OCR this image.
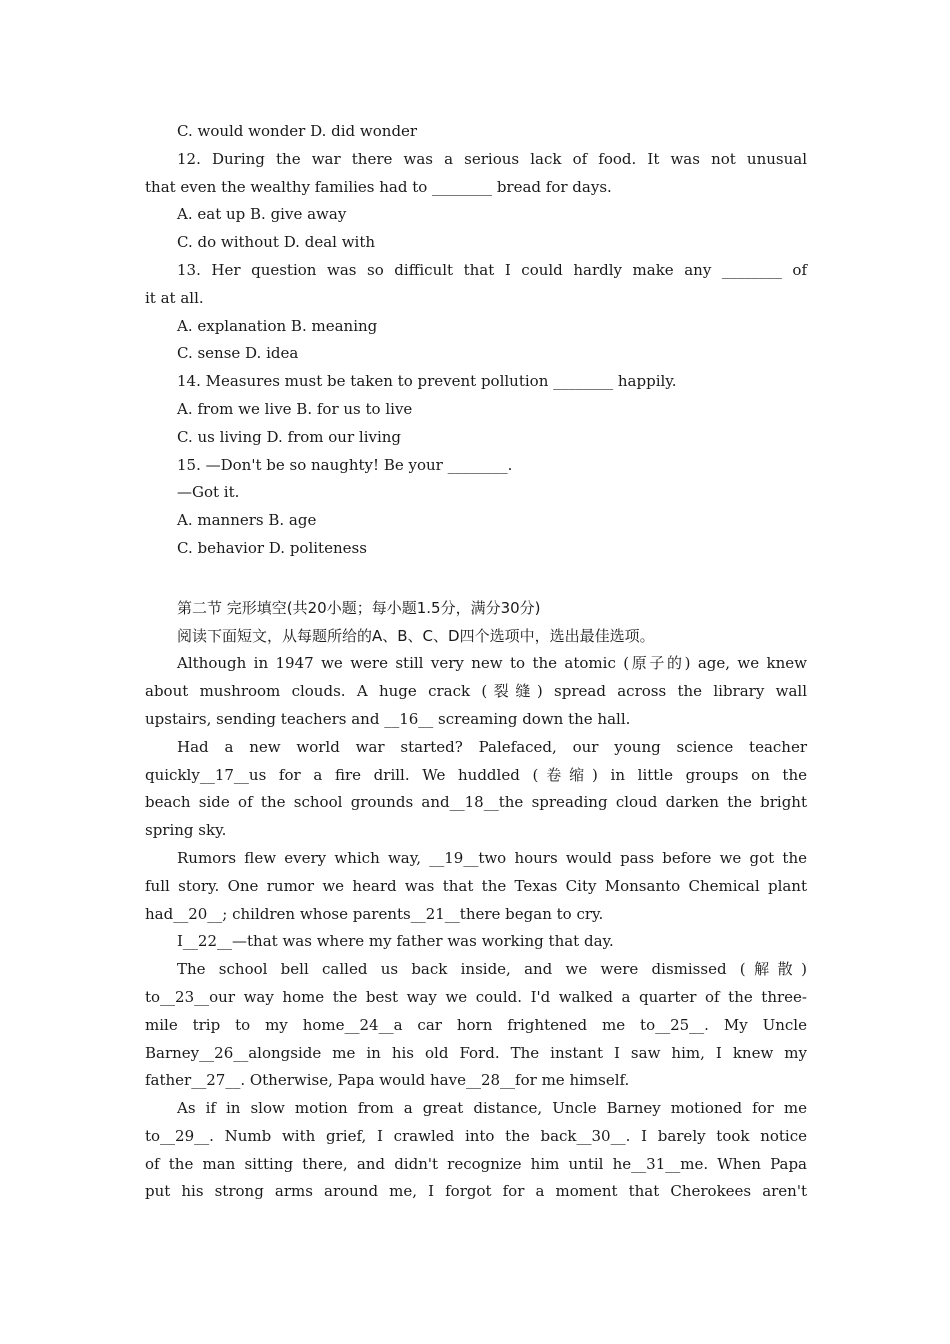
C. would wonder D. did wonder
12. During the war there was a serious lack of food. It was not unusual
that even the wealthy families had to ________ bread for days.
A. eat up B. give away
C. do without D. deal with
13. Her question was so difficult that I could hardly make any ________ of
it at all.
A. explanation B. meaning
C. sense D. idea
14. Measures must be taken to prevent pollution ________ happily.
A. from we live B. for us to live
C. us living D. from our living
15. —Don't be so naughty! Be your ________.
—Got it.
A. manners B. age
C. behavior D. politeness
第二节 完形填空(共20小题；每小题1.5分，满分30分)
阅读下面短文，从每题所给的A、B、C、D四个选项中，选出最佳选项。
Although in 1947 we were still very new to the atomic (原子的) age, we knew
about mushroom clouds. A huge crack (裂缝) spread across the library wall
upstairs, sending teachers and __16__ screaming down the hall.
Had a new world war started? Palefaced, our young science teacher
quickly__17__us for a fire drill. We huddled (卷缩) in little groups on the
beach side of the school grounds and__18__the spreading cloud darken the bright
spring sky.
Rumors flew every which way, __19__two hours would pass before we got the
full story. One rumor we heard was that the Texas City Monsanto Chemical plant
had__20__; children whose parents__21__there began to cry.
I__22__—that was where my father was working that day.
The school bell called us back inside, and we were dismissed (解散)
to__23__our way home the best way we could. I'd walked a quarter of the three-
mile trip to my home__24__a car horn frightened me to__25__. My Uncle
Barney__26__alongside me in his old Ford. The instant I saw him, I knew my
father__27__. Otherwise, Papa would have__28__for me himself.
As if in slow motion from a great distance, Uncle Barney motioned for me
to__29__. Numb with grief, I crawled into the back__30__. I barely took notice
of the man sitting there, and didn't recognize him until he__31__me. When Papa
put his strong arms around me, I forgot for a moment that Cherokees aren't
